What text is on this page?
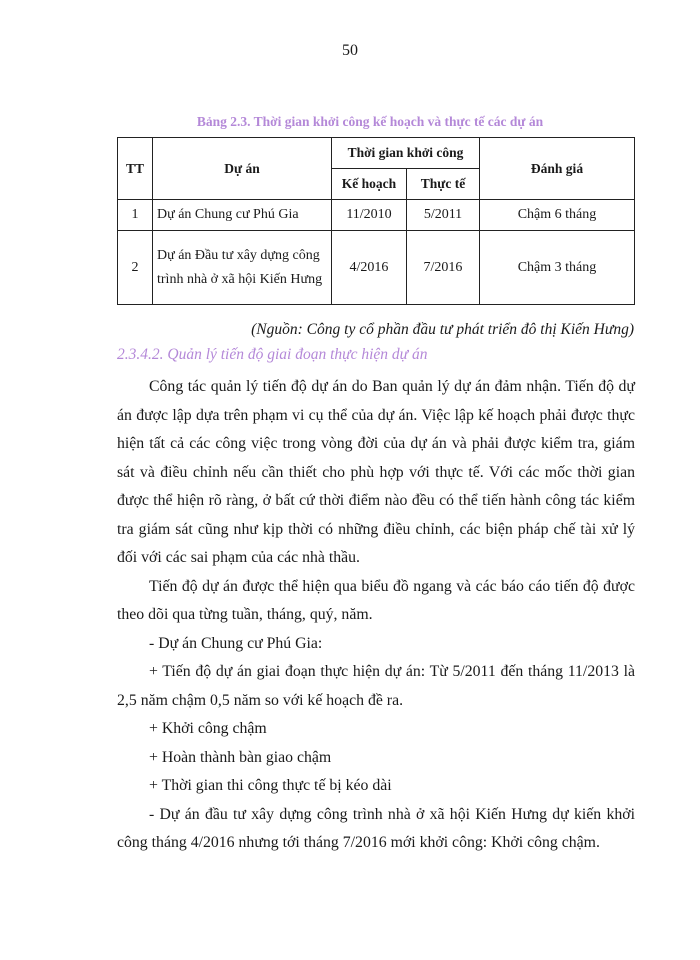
50
Bảng 2.3. Thời gian khởi công kế hoạch và thực tế các dự án
TT	Dự án	Thời gian khởi công		Đánh giá
		Kế hoạch	Thực tế	
1	Dự án Chung cư Phú Gia	11/2010	5/2011	Chậm 6 tháng
2	Dự án Đầu tư xây dựng công trình nhà ở xã hội Kiến Hưng	4/2016	7/2016	Chậm 3 tháng
(Nguồn: Công ty cổ phần đầu tư phát triển đô thị Kiến Hưng)
2.3.4.2. Quản lý tiến độ giai đoạn thực hiện dự án

Công tác quản lý tiến độ dự án do Ban quản lý dự án đảm nhận. Tiến độ dự án được lập dựa trên phạm vi cụ thể của dự án. Việc lập kế hoạch phải được thực hiện tất cả các công việc trong vòng đời của dự án và phải được kiểm tra, giám sát và điều chỉnh nếu cần thiết cho phù hợp với thực tế. Với các mốc thời gian được thể hiện rõ ràng, ở bất cứ thời điểm nào đều có thể tiến hành công tác kiểm tra giám sát cũng như kịp thời có những điều chỉnh, các biện pháp chế tài xử lý đối với các sai phạm của các nhà thầu.

Tiến độ dự án được thể hiện qua biểu đồ ngang và các báo cáo tiến độ được theo dõi qua từng tuần, tháng, quý, năm.

- Dự án Chung cư Phú Gia:

+ Tiến độ dự án giai đoạn thực hiện dự án: Từ 5/2011 đến tháng 11/2013 là 2,5 năm chậm 0,5 năm so với kế hoạch đề ra.

+ Khởi công chậm

+ Hoàn thành bàn giao chậm

+ Thời gian thi công thực tế bị kéo dài

- Dự án đầu tư xây dựng công trình nhà ở xã hội Kiến Hưng dự kiến khởi công tháng 4/2016 nhưng tới tháng 7/2016 mới khởi công: Khởi công chậm.
